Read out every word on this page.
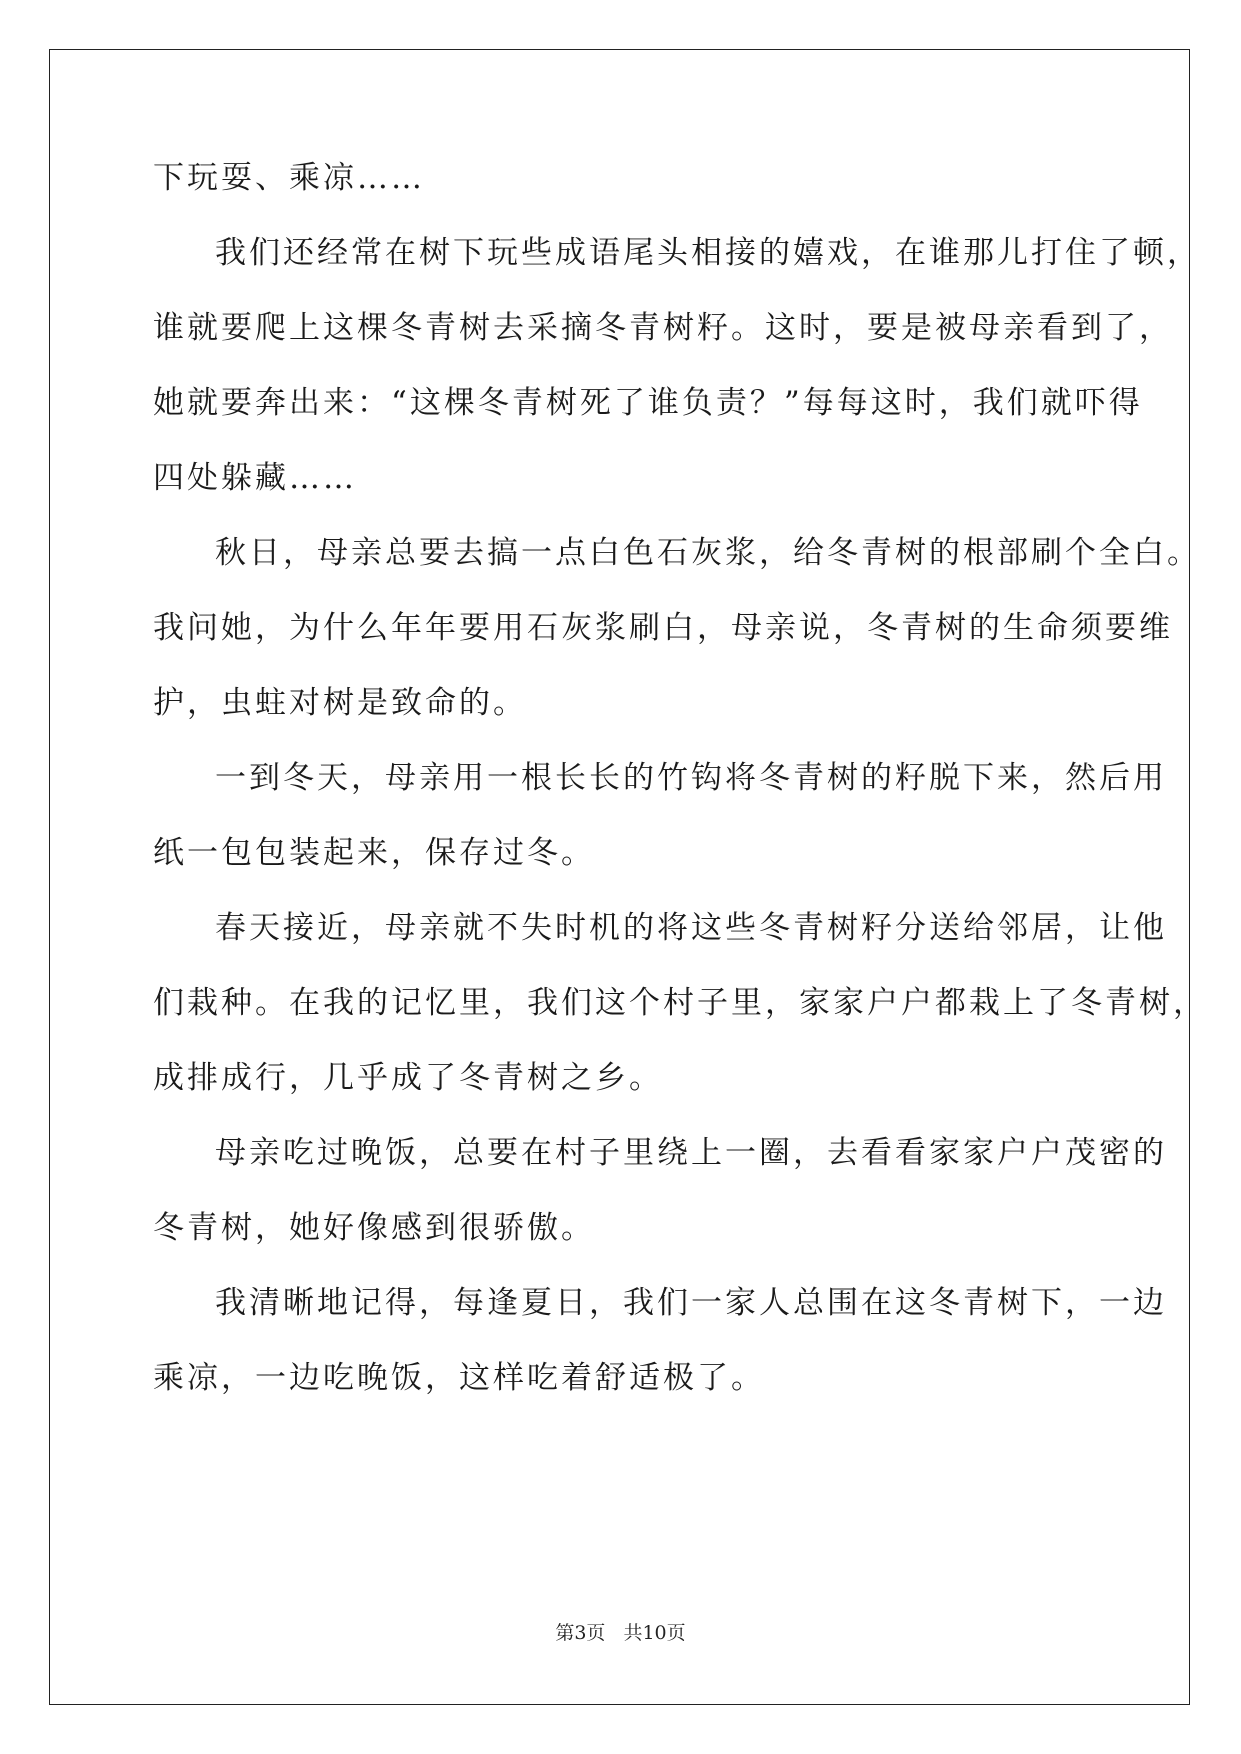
下玩耍、乘凉……
我们还经常在树下玩些成语尾头相接的嬉戏，在谁那儿打住了顿，
谁就要爬上这棵冬青树去采摘冬青树籽。这时，要是被母亲看到了，
她就要奔出来：“这棵冬青树死了谁负责？”每每这时，我们就吓得
四处躲藏……
秋日，母亲总要去搞一点白色石灰浆，给冬青树的根部刷个全白。
我问她，为什么年年要用石灰浆刷白，母亲说，冬青树的生命须要维
护，虫蛀对树是致命的。
一到冬天，母亲用一根长长的竹钩将冬青树的籽脱下来，然后用
纸一包包装起来，保存过冬。
春天接近，母亲就不失时机的将这些冬青树籽分送给邻居，让他
们栽种。在我的记忆里，我们这个村子里，家家户户都栽上了冬青树，
成排成行，几乎成了冬青树之乡。
母亲吃过晚饭，总要在村子里绕上一圈，去看看家家户户茂密的
冬青树，她好像感到很骄傲。
我清晰地记得，每逢夏日，我们一家人总围在这冬青树下，一边
乘凉，一边吃晚饭，这样吃着舒适极了。
第3页 共10页
